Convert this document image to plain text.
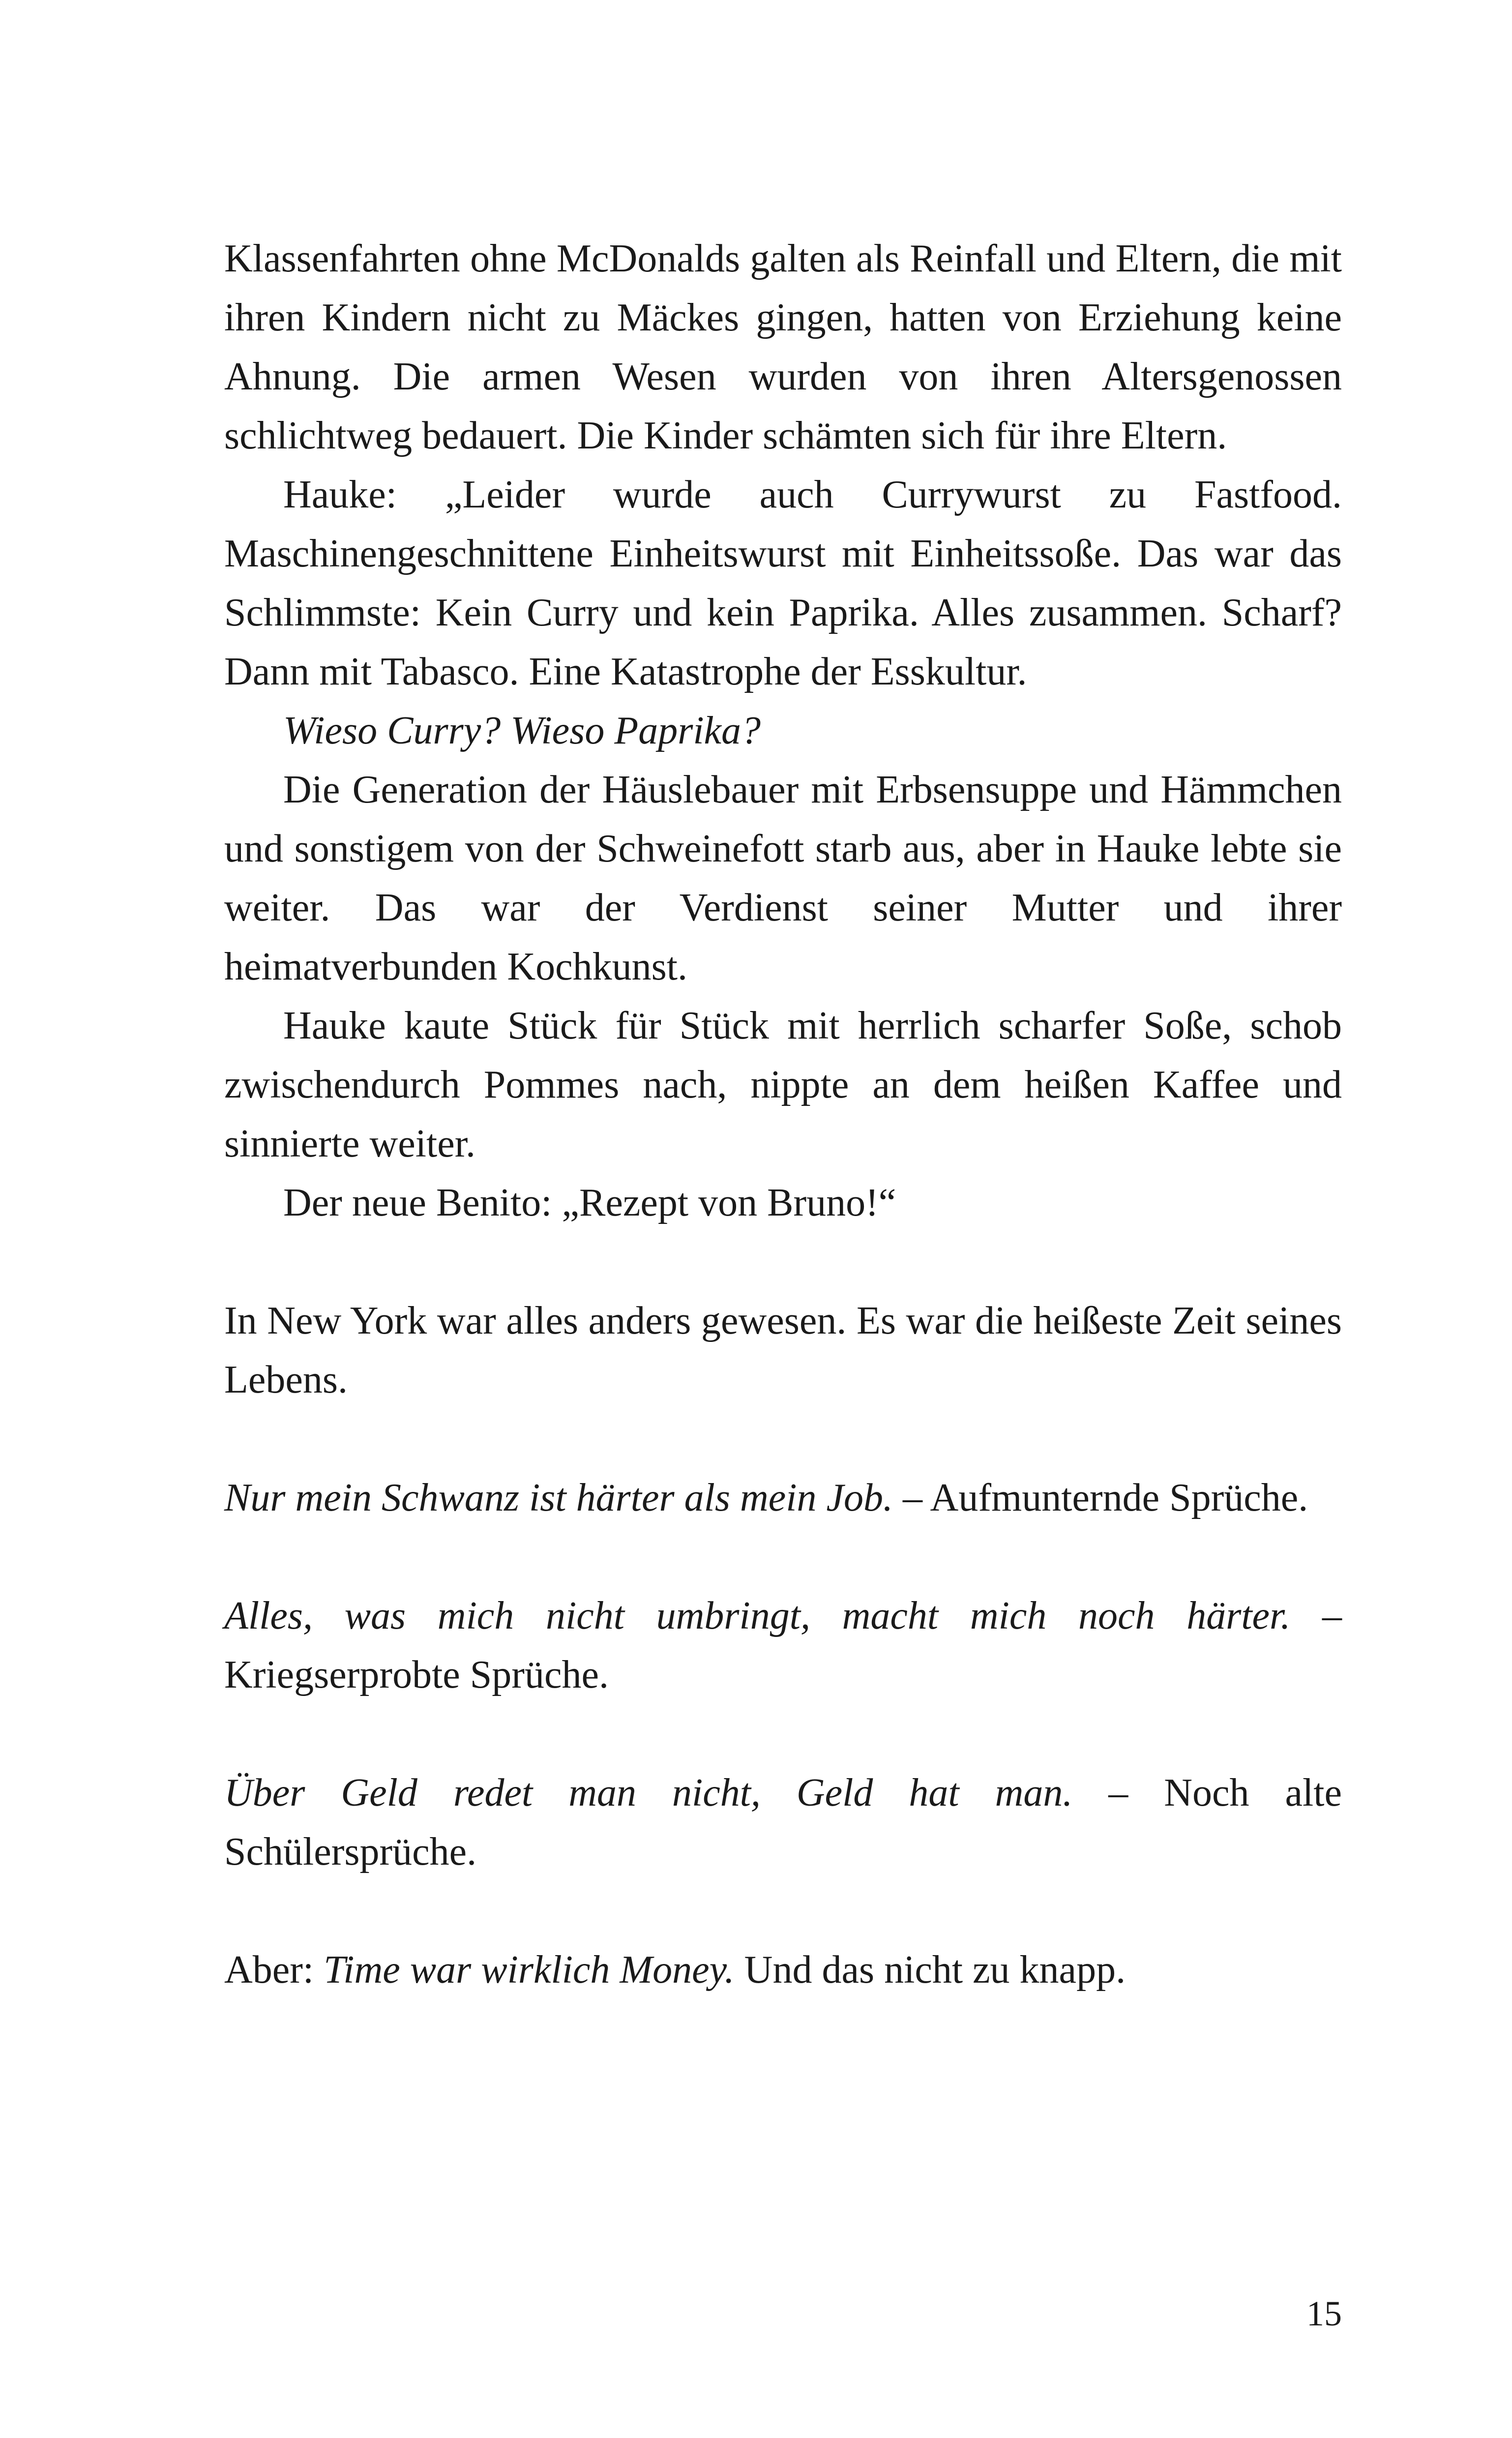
Klassenfahrten ohne McDonalds galten als Reinfall und Eltern, die mit ihren Kindern nicht zu Mäckes gingen, hatten von Erziehung keine Ahnung. Die armen Wesen wurden von ihren Altersgenossen schlichtweg bedauert. Die Kinder schämten sich für ihre Eltern.

Hauke: „Leider wurde auch Currywurst zu Fastfood. Maschinengeschnittene Einheitswurst mit Einheitssoße. Das war das Schlimmste: Kein Curry und kein Paprika. Alles zusammen. Scharf? Dann mit Tabasco. Eine Katastrophe der Esskultur.

Wieso Curry? Wieso Paprika?

Die Generation der Häuslebauer mit Erbsensuppe und Hämmchen und sonstigem von der Schweinefott starb aus, aber in Hauke lebte sie weiter. Das war der Verdienst seiner Mutter und ihrer heimatverbunden Kochkunst.

Hauke kaute Stück für Stück mit herrlich scharfer Soße, schob zwischendurch Pommes nach, nippte an dem heißen Kaffee und sinnierte weiter.

Der neue Benito: „Rezept von Bruno!“

In New York war alles anders gewesen. Es war die heißeste Zeit seines Lebens.

Nur mein Schwanz ist härter als mein Job. – Aufmunternde Sprüche.

Alles, was mich nicht umbringt, macht mich noch härter. – Kriegserprobte Sprüche.

Über Geld redet man nicht, Geld hat man. – Noch alte Schülersprüche.

Aber: Time war wirklich Money. Und das nicht zu knapp.

15
